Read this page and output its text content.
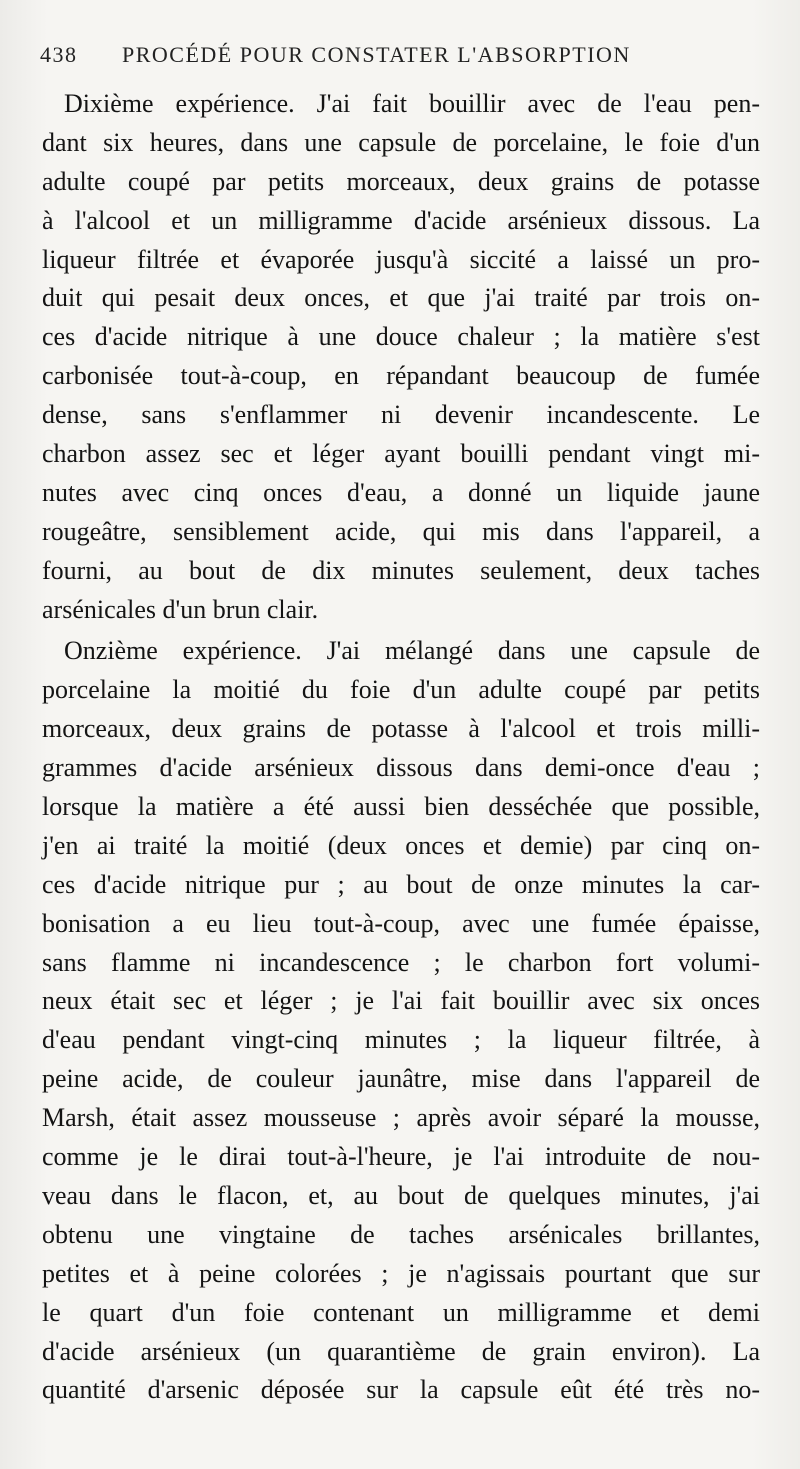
438 PROCÉDÉ POUR CONSTATER L'ABSORPTION
Dixième expérience. J'ai fait bouillir avec de l'eau pen-
dant six heures, dans une capsule de porcelaine, le foie d'un
adulte coupé par petits morceaux, deux grains de potasse
à l'alcool et un milligramme d'acide arsénieux dissous. La
liqueur filtrée et évaporée jusqu'à siccité a laissé un pro-
duit qui pesait deux onces, et que j'ai traité par trois on-
ces d'acide nitrique à une douce chaleur ; la matière s'est
carbonisée tout-à-coup, en répandant beaucoup de fumée
dense, sans s'enflammer ni devenir incandescente. Le
charbon assez sec et léger ayant bouilli pendant vingt mi-
nutes avec cinq onces d'eau, a donné un liquide jaune
rougeâtre, sensiblement acide, qui mis dans l'appareil, a
fourni, au bout de dix minutes seulement, deux taches
arsénicales d'un brun clair.
Onzième expérience. J'ai mélangé dans une capsule de
porcelaine la moitié du foie d'un adulte coupé par petits
morceaux, deux grains de potasse à l'alcool et trois milli-
grammes d'acide arsénieux dissous dans demi-once d'eau ;
lorsque la matière a été aussi bien desséchée que possible,
j'en ai traité la moitié (deux onces et demie) par cinq on-
ces d'acide nitrique pur ; au bout de onze minutes la car-
bonisation a eu lieu tout-à-coup, avec une fumée épaisse,
sans flamme ni incandescence ; le charbon fort volumi-
neux était sec et léger ; je l'ai fait bouillir avec six onces
d'eau pendant vingt-cinq minutes ; la liqueur filtrée, à
peine acide, de couleur jaunâtre, mise dans l'appareil de
Marsh, était assez mousseuse ; après avoir séparé la mousse,
comme je le dirai tout-à-l'heure, je l'ai introduite de nou-
veau dans le flacon, et, au bout de quelques minutes, j'ai
obtenu une vingtaine de taches arsénicales brillantes,
petites et à peine colorées ; je n'agissais pourtant que sur
le quart d'un foie contenant un milligramme et demi
d'acide arsénieux (un quarantième de grain environ). La
quantité d'arsenic déposée sur la capsule eût été très no-
